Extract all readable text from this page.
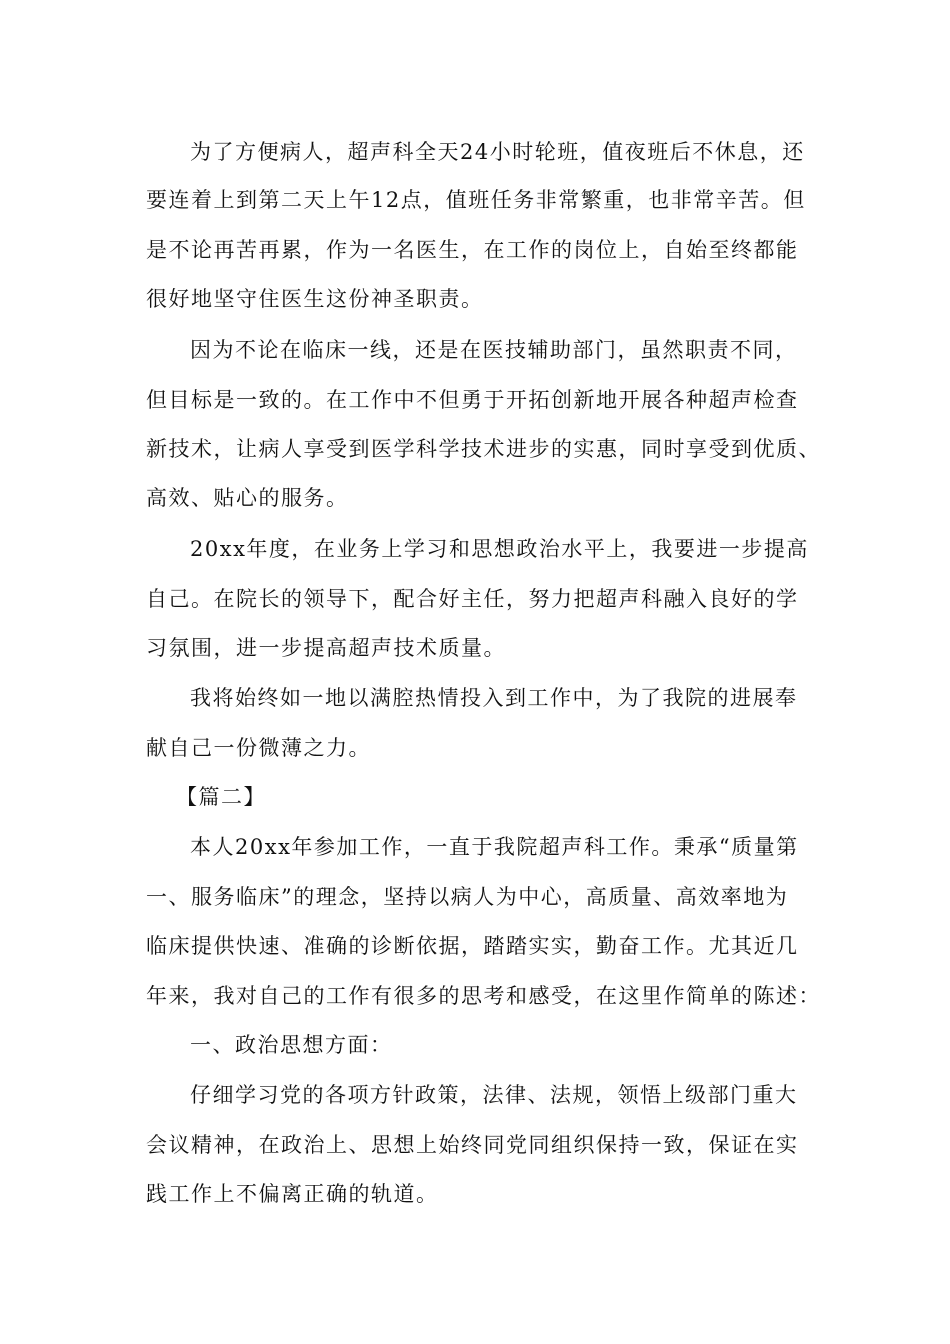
为了方便病人，超声科全天24小时轮班，值夜班后不休息，还

要连着上到第二天上午12点，值班任务非常繁重，也非常辛苦。但

是不论再苦再累，作为一名医生，在工作的岗位上，自始至终都能

很好地坚守住医生这份神圣职责。

因为不论在临床一线，还是在医技辅助部门，虽然职责不同，

但目标是一致的。在工作中不但勇于开拓创新地开展各种超声检查

新技术，让病人享受到医学科学技术进步的实惠，同时享受到优质、

高效、贴心的服务。

20xx年度，在业务上学习和思想政治水平上，我要进一步提高

自己。在院长的领导下，配合好主任，努力把超声科融入良好的学

习氛围，进一步提高超声技术质量。

我将始终如一地以满腔热情投入到工作中，为了我院的进展奉

献自己一份微薄之力。

【篇二】

本人20xx年参加工作，一直于我院超声科工作。秉承“质量第

一、服务临床”的理念，坚持以病人为中心，高质量、高效率地为

临床提供快速、准确的诊断依据，踏踏实实，勤奋工作。尤其近几

年来，我对自己的工作有很多的思考和感受，在这里作简单的陈述：

一、政治思想方面：

仔细学习党的各项方针政策，法律、法规，领悟上级部门重大

会议精神，在政治上、思想上始终同党同组织保持一致，保证在实

践工作上不偏离正确的轨道。
